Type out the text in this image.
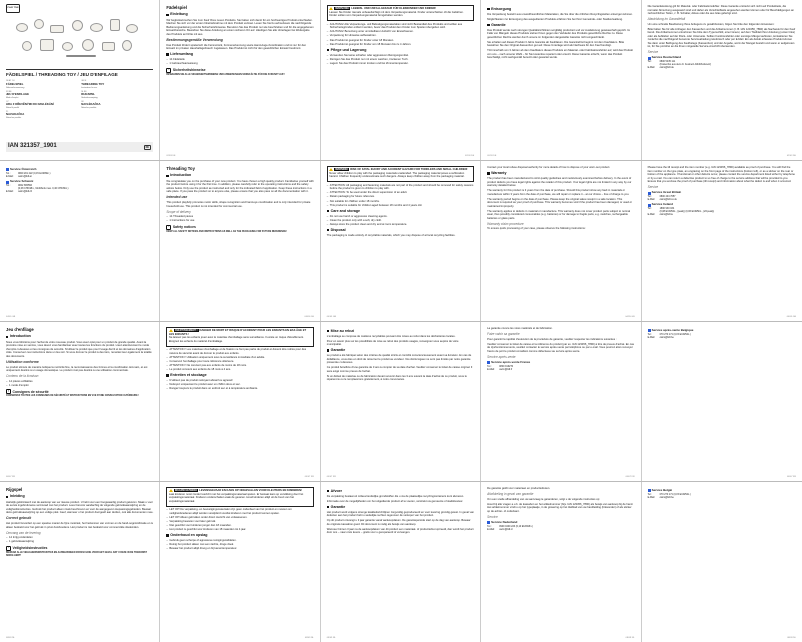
PLAY TIVE
FÄDELSPIEL / THREADING TOY / JEU D'ENFILAGE
DE AT CH
FÄDELSPIEL
Gebrauchsanweisung
GB IE
THREADING TOY
Instructions for use
FR BE
JEU D'ENFILAGE
Mode d'emploi
NL BE
RIJGSPEL
Gebruiksaanwijzing
CZ
HRA Z DŘEVĚNÝMI DO NAVLÉKÁNÍ
Návod k použití
SK
NAVLÉKAČKA
Návod na použitie
PL
NAVLIKAČKA
Návod na použitie
IAN 321357_1901	DE
Fädelspiel
Einleitung

Wir beglückwünschen Sie zum Kauf Ihres neuen Produkts. Sie haben sich damit für ein hochwertiges Produkt entschieden. Machen Sie sich vor der ersten Inbetriebnahme mit dem Produkt vertraut. Lesen Sie hierzu aufmerksam die nachfolgende Bedienungsanleitung und die Sicherheitshinweise. Benutzen Sie das Produkt nur wie beschrieben und für die angegebenen Einsatzbereiche. Bewahren Sie diese Anleitung an einem sicheren Ort auf. Händigen Sie alle Unterlagen bei Weitergabe des Produkts an Dritte mit aus.

Bestimmungsgemäße Verwendung

Das Produkt fördert spielerisch die Feinmotorik, Formenerkennung sowie Hand-Auge-Koordination und ist nur für den Einsatz im privaten Haushaltsgebrauch zugelassen. Das Produkt ist nicht für den gewerblichen Einsatz bestimmt.

Lieferumfang
– 14 Fädelteile
– 1 Gebrauchsanweisung
!	Sicherheitshinweise

BEWAHREN SIE ALLE SICHERHEITSHINWEISE UND ANWEISUNGEN SORGFÄLTIG FÜR DIE ZUKUNFT AUF!

02/03 DE
WARNUNG! LEBENS- UND UNFALLGEFAHR FÜR KLEINKINDER UND KINDER!

Lassen Sie Kinder niemals unbeaufsichtigt mit dem Verpackungsmaterial. Kinder unterschätzen oft die Gefahren. Kinder sollten vom Verpackungsmaterial ferngehalten werden.

– ACHTUNG! Alle Verpackungs- und Befestigungsmaterialien sind nicht Bestandteil des Produkts und sollten aus Sicherheitsgründen entfernt werden, bevor das Produkt dem Kinder zum Spielen übergeben wird.
– ACHTUNG! Benutzung unter unmittelbarer Aufsicht von Erwachsenen.
– Verpackung für Hinweise aufbewahren.
– Das Produkt ist geeignet für Kinder unter 18 Monaten.
– Das Produkt ist geeignet für Kinder von 18 Monaten bis zu 4 Jahren.
Pflege und Lagerung
– Verwenden Sie keine scharfen oder aggressiven Reinigungsmittel.
– Reinigen Sie das Produkt nur mit einem weichen, trockenen Tuch.
– Lagern Sie das Produkt immer trocken und bei Zimmertemperatur.
02/03 DE
Entsorgung

Die Verpackung besteht aus umweltfreundlichen Materialien, die Sie über die örtlichen Recyclingstellen entsorgen können.

Möglichkeiten zur Entsorgung des ausgedienten Produkts erfahren Sie bei Ihrer Gemeinde- oder Stadtverwaltung.

Garantie

Das Produkt wurde nach strengen Qualitätsrichtlinien sorgfältig produziert und vor Auslieferung gewissenhaft geprüft. Im Falle von Mängeln dieses Produkts stehen Ihnen gegen den Verkäufer des Produkts gesetzliche Rechte zu. Diese gesetzlichen Rechte werden durch unsere im Folgenden dargestellte Garantie nicht eingeschränkt.

Sie erhalten auf dieses Produkt 3 Jahre Garantie ab Kaufdatum. Die Garantiefrist beginnt mit dem Kaufdatum. Bitte bewahren Sie den Original-Kassenbon gut auf. Diese Unterlage wird als Nachweis für den Kauf benötigt.

Tritt innerhalb von 3 Jahren ab dem Kaufdatum dieses Produkts ein Material- oder Fabrikationsfehler auf, wird das Produkt von uns – nach unserer Wahl – für Sie kostenlos repariert oder ersetzt. Diese Garantie erlischt, wenn das Produkt beschädigt, nicht sachgemäß benutzt oder gewartet wurde.

02/03 DE

Die Garantieleistung gilt für Material- oder Fabrikationsfehler. Diese Garantie erstreckt sich nicht auf Produktteile, die normaler Abnutzung ausgesetzt sind und daher als Verschleißteile angesehen werden können oder für Beschädigungen an zerbrechlichen Teilen, z. B. Schalter, Akkus oder die aus Glas gefertigt sind.

Abwicklung im Garantiefall

Um eine schnelle Bearbeitung Ihres Anliegens zu gewährleisten, folgen Sie bitte den folgenden Hinweisen:

Bitte halten Sie für alle Anfragen den Kassenbon und die Artikelnummer (z. B. IAN 123456_7890) als Nachweis für den Kauf bereit. Die Artikelnummer entnehmen Sie bitte dem Typenschild, einer Gravur, auf dem Titelblatt Ihrer Anleitung (unten links) oder als Aufkleber auf der Rück- oder Unterseite. Sollten Funktionsfehler oder sonstige Mängel auftreten, kontaktieren Sie zunächst die nachfolgend benannte Serviceabteilung telefonisch oder per E-Mail. Ein als defekt erfasstes Produkt können Sie dann unter Beifügung des Kaufbelegs (Kassenbon) und der Angabe, worin der Mangel besteht und wann er aufgetreten ist, für Sie portofrei an die Ihnen mitgeteilte Service-Anschrift übersenden.

Service
Service Deutschland
Tel.:	0800 5435 111
(Kostenfrei aus dem dt. Festnetz-/Mobilfunknetz)
E-Mail:	owim@lidl.de
02/03 DE
Service Österreich
Tel.:	0820 201 222 (0,15 EUR/Min.)
E-Mail:	owim@lidl.at
Service Schweiz
Tel.:	0842 665566
(0,08 CHF/Min., Mobilfunk max. 0,40 CHF/Min.)
E-Mail:	owim@lidl.ch
04/05 GB
Threading Toy
Introduction

We congratulate you on the purchase of your new product. You have chosen a high quality product. Familiarise yourself with the product before using it for the first time. In addition, please carefully refer to the operating instructions and the safety advice below. Only use the product as instructed and only for the indicated field of application. Keep these instructions in a safe place. If you pass the product on to anyone else, please ensure that you also pass on all the documentation with it.

Intended use

This product playfully promotes motor skills, shape recognition and hand-eye coordination and is only intended for private household use. This product is not intended for commercial use.

Scope of delivery
– 14 Threaded pieces
– 1 Instructions for use
!	Safety notices

KEEP ALL SAFETY NOTICES AND INSTRUCTIONS AS WELL AS THE PACKAGING FOR FUTURE REFERENCE!

04/05 GB
WARNING! RISK OF FATAL INJURY AND ACCIDENT HAZARD FOR TODDLERS AND SMALL CHILDREN!

Never allow children to play with the packaging materials unattended. The packaging material poses a suffocation hazard. Children frequently underestimate such dangers. Always keep children away from the packaging material.

– ATTENTION: All packaging and fastening materials are not part of the product and should be removed for safety reasons before the product is given to children to play with.
– ATTENTION: To be used under the direct supervision of an adult.
– Retain packaging for future reference.
– Not suitable for children under 18 months.
– This product is suitable for children aged between 18 months and 4 years old.
Care and storage
– Do not use harsh or aggressive cleaning agents.
– Clean the product only with a soft, dry cloth.
– Always store the product clean and dry and at room temperature.
Disposal

The packaging is made entirely of recyclable materials, which you may dispose of at local recycling facilities.

04/05 GB

Contact your local refuse disposal authority for more details of how to dispose of your worn-out product.

Warranty

The product has been manufactured to strict quality guidelines and meticulously examined before delivery. In the event of product defects you have legal rights against the retailer of this product. Your legal rights are not limited in any way by our warranty detailed below.

The warranty for this product is 3 years from the date of purchase. Should this product show any fault in materials or manufacture within 3 years from the date of purchase, we will repair or replace it – at our choice – free of charge to you.

The warranty period begins on the date of purchase. Please keep the original sales receipt in a safe location. This document is required as your proof of purchase. This warranty becomes void if the product has been damaged, or used or maintained improperly.

The warranty applies to defects in material or manufacture. This warranty does not cover product parts subject to normal wear, thus possibly considered consumables (e.g. batteries) or for damage to fragile parts, e.g. switches, rechargeable batteries or glass parts.

Warranty claim procedure

To ensure quick processing of your case, please observe the following instructions:

04/05 GB

Please have the till receipt and the item number (e.g. IAN 123456_7890) available as proof of purchase. You will find the item number on the type plate, an engraving on the front page of the instructions (bottom left), or as a sticker on the rear or bottom of the appliance. If functional or other defects occur, please contact the service department listed either by telephone or by e-mail. You can return a defective product to us free of charge to the service address that will be provided to you. Ensure that you enclose the proof of purchase (till receipt) and information about what the defect is and when it occurred.

Service
Service Great Britain
Tel.:	0800 404 7657
E-Mail:	owim@lidl.co.uk
Service Ireland
Tel.:	1890 930 034
(0,08 EUR/Min., (peak)) (0,06 EUR/Min., (off-peak))
E-Mail:	owim@lidl.ie
04/05 GB
Jeu d'enfilage
Introduction

Nous vous félicitons pour l'achat de votre nouveau produit. Vous avez opté pour un produit de grande qualité. Avant la première mise en service, vous devez vous familiariser avec toutes les fonctions du produit. Lisez attentivement le mode d'emploi ci-dessous et les consignes de sécurité. N'utilisez le produit que pour l'usage décrit et les domaines d'application cités. Conservez ces instructions dans un lieu sûr. Si vous donnez le produit à des tiers, remettez-leur également la totalité des documents.

Utilisation conforme

Le produit stimule de manière ludique la motricité fine, la reconnaissance des formes et la coordination œil-main, et est uniquement destiné à un usage domestique. Le produit n'est pas destiné à une utilisation commerciale.

Contenu de la livraison
– 14 pièces enfilables
– 1 mode d'emploi
!	Consignes de sécurité

CONSERVEZ TOUTES LES CONSIGNES DE SÉCURITÉ ET INSTRUCTIONS EN VUE D'UNE CONSULTATION ULTÉRIEURE !

06/07 FR
AVERTISSEMENT ! DANGER DE MORT ET RISQUE D'ACCIDENT POUR LES ENFANTS EN BAS ÂGE ET LES ENFANTS !

Ne laissez pas les enfants jouer avec le matériau d'emballage sans surveillance. Il existe un risque d'étouffement. Eloignez les enfants du matériel d'emballage.

– ATTENTION ! Les matériaux d'emballage et de fixation ne font pas partie du produit et doivent être retirés pour des raisons de sécurité avant de donner le produit aux enfants.
– ATTENTION ! Utilisation uniquement sous la surveillance immédiate d'un adulte.
– Conservez l'emballage pour toute référence ultérieure.
– ATTENTION ! Ne convient pas aux enfants de moins de 18 mois.
– Le produit convient aux enfants de 18 mois à 4 ans.
Entretien et stockage
– N'utilisez pas de produit nettoyant abrasif ou agressif.
– Nettoyez uniquement le produit avec un chiffon doux et sec.
– Rangez toujours le produit dans un endroit sec et à température ambiante.
06/07 FR
Mise au rebut

L'emballage se compose de matières recyclables pouvant être mises au rebut dans les déchetteries locales.

Pour en savoir plus sur les possibilités de mise au rebut des produits usagés, renseignez-vous auprès de votre municipalité.

Garantie

Le produit a été fabriqué selon des critères de qualité stricts et contrôlé consciencieusement avant sa livraison. En cas de défaillance, vous êtes en droit de retourner le produit au vendeur. Vos droits légaux ne sont pas limités par notre garantie présentée ci-dessous.

Ce produit bénéficie d'une garantie de 3 ans à compter de sa date d'achat. Veuillez conserver le ticket de caisse original. Il sera exigé comme preuve de l'achat.

Si un défaut de matériau ou de fabrication devait survenir dans les 3 ans suivant la date d'achat de ce produit, nous le réparerons ou le remplacerons gratuitement, à notre convenance.

06/07 FR

La garantie couvre les vices matériels et de fabrication.

Faire valoir sa garantie

Pour garantir la rapidité d'exécution de la procédure de garantie, veuillez respecter les indications suivantes :

Veuillez conserver le ticket de caisse et la référence du produit (par ex. IAN 123456_7890) à titre de preuve d'achat. En cas de dysfonctionnements, veuillez contacter le service après-vente par téléphone ou par e-mail. Vous pourrez alors renvoyer franco de port le produit considéré comme défectueux au service après-vente.

Service après-vente
Service après-vente France
Tel.:	0800 919270
E-Mail:	owim@lidl.fr
06/07 FR
Service après-vente Belgique
Tel.:	070 270 171 (0,15 EUR/Min.)
E-Mail:	owim@lidl.be
06/07 FR
Rijgspel
Inleiding

Hartelijk gefeliciteerd met de aankoop van uw nieuwe product. U hebt voor een hoogwaardig product gekozen. Maak u voor de eerste ingebruikname vertrouwd met het product. Lees hiervoor aandachtig de volgende gebruiksaanwijzing en de veiligheidsinstructies. Gebruik het product alleen zoals beschreven en voor de aangegeven toepassingsgebieden. Bewaar deze gebruiksaanwijzing op een veilige plek. Geef, wanneer u het product doorgeeft aan derden, ook alle documenten mee.

Correct gebruik

Het product bevordert op een speelse manier de fijne motoriek, het herkennen van vormen en de hand-oogcoördinatie en is alleen bedoeld voor het gebruik in privé-huishoudens. Het product is niet bedoeld voor commerciële doeleinden.

Omvang van de levering
– 14 Inrijg onderdelen
– 1 gebruiksaanwijzing
!	Veiligheidsinstructies

BEWAAR ALLE VEILIGHEIDSINSTRUCTIES EN AANWIJZINGEN ZORGVULDIG VOOR HET GEVAL DAT U DEZE IN DE TOEKOMST NODIG HEBT!

08/09 NL
WAARSCHUWING! LEVENSGEVAAR EN KANS OP ONGEVALLEN VOOR KLEUTERS EN KINDEREN!

Laat kinderen nooit zonder toezicht met het verpakkingsmateriaal spelen. Er bestaat kans op verstikking door het verpakkingsmateriaal. Kinderen onderschatten vaak de gevaren. Houd kinderen altijd uit de buurt van het verpakkingsmateriaal.

– LET OP! De verpakking- en bevestigingsmaterialen zijn geen onderdeel van het product en moeten om veiligheidsredenen altijd worden verwijderd voordat kinderen met het product kunnen spelen.
– LET OP! Alleen gebruiken onder direct toezicht van volwassenen.
– Verpakking bewaren voor later gebruik.
– Niet geschikt voor kinderen jonger dan 18 maanden.
– Het product is geschikt voor kinderen van 18 maanden tot 4 jaar.
Onderhoud en opslag
– Gebruik geen scherpe of agressieve reinigingsmiddelen.
– Reinig het product alleen met een zachte, droge doek.
– Bewaar het product altijd droog en bij kamertemperatuur.
08/09 NL
Afvoer

De verpakking bestaat uit milieuvriendelijke grondstoffen die u via de plaatselijke recyclingcontainers kunt afvoeren.

Informatie over de mogelijkheden om het uitgediende product af te voeren, verstrekt uw gemeente of stadsbestuur.

Garantie

Het product werd volgens strenge kwaliteitsrichtlijnen zorgvuldig geproduceerd en voor levering grondig getest. In geval van defecten aan het product hebt u wettelijke rechten tegenover de verkoper van het product.

Op dit product ontvangt u 3 jaar garantie vanaf aankoopdatum. De garantieperiode start op de dag van aankoop. Bewaar de originele kassabon goed. Dit document is nodig als bewijs van aankoop.

Wanneer binnen 3 jaar na de aankoopdatum van dit product een materiaal- of productiefout optreedt, dan wordt het product door ons – naar onze keuze – gratis voor u gerepareerd of vervangen.

08/09 NL

De garantie geldt voor materiaal- en productiefouten.

Afwikkeling in geval van garantie

Om een snelle afhandeling van uw aanvraag te garanderen, volgt u de volgende instructies op:

Houd bij alle vragen a.u.b. de kassabon en het artikelnummer (bijv. IAN 123456_7890) als bewijs van aankoop bij de hand. Het artikelnummer vindt u op het typeplaatje, in de gravering op het titelblad van uw handleiding (linksonder) of als sticker op de achter- of onderkant.

Service
Service Nederland
Tel.:	0900 0400 223 (0,10 EUR/Min.)
E-Mail:	owim@lidl.nl
08/09 NL
Service België
Tel.:	070 270 171 (0,15 EUR/Min.)
E-Mail:	owim@lidl.be
08/09 NL
